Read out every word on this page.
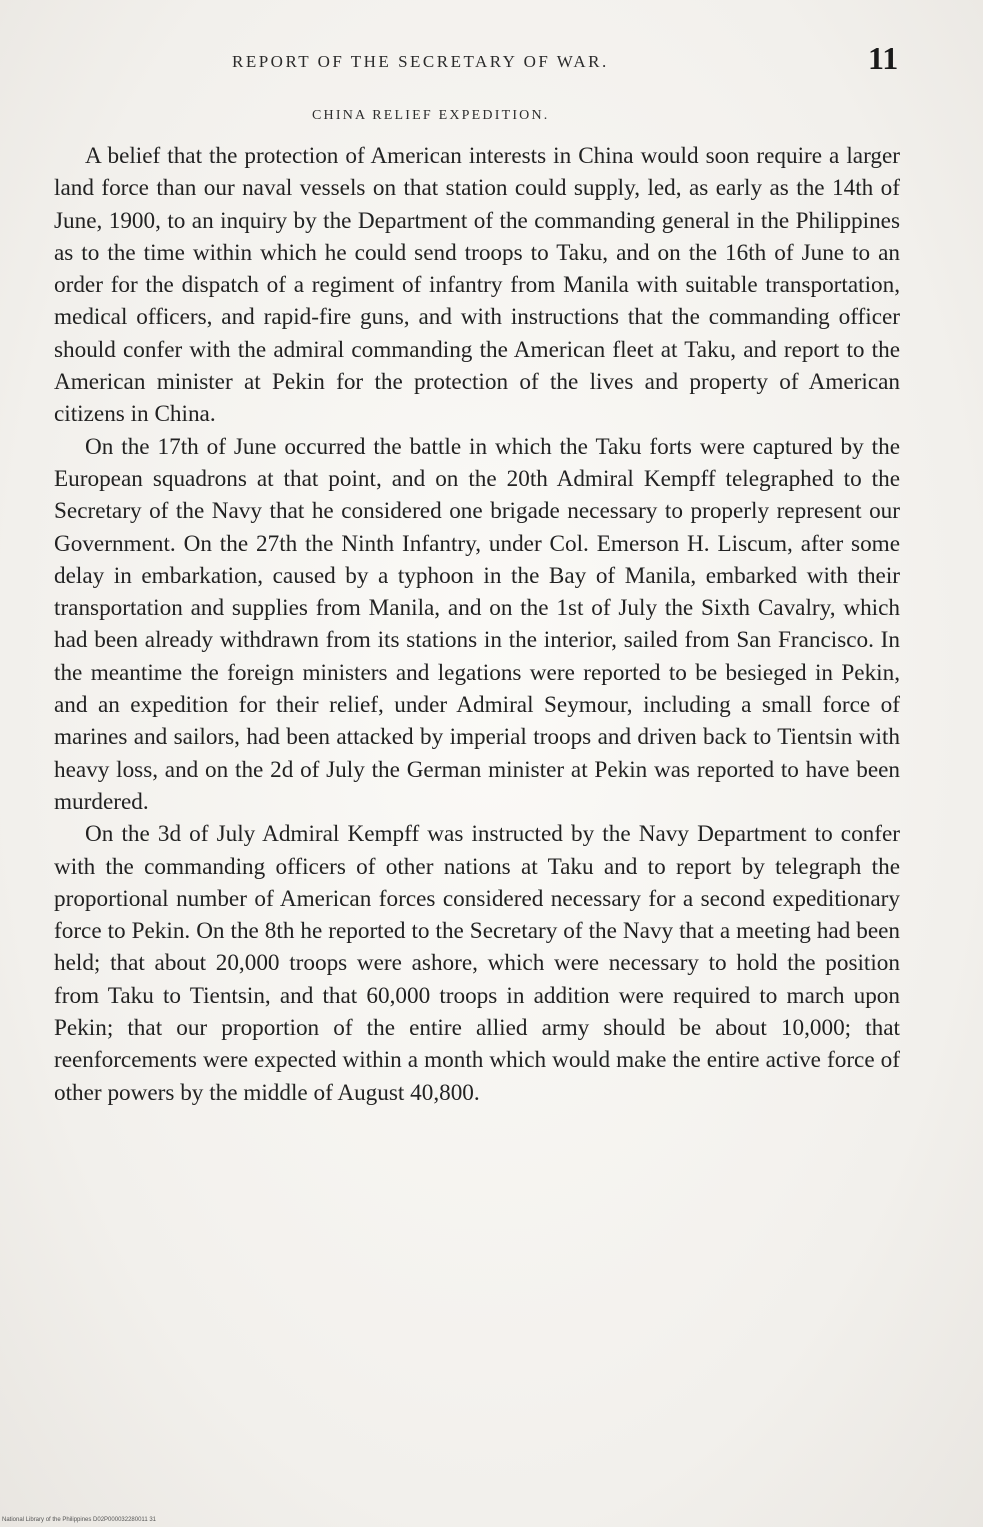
REPORT OF THE SECRETARY OF WAR.	11
CHINA RELIEF EXPEDITION.

A belief that the protection of American interests in China would soon require a larger land force than our naval vessels on that station could supply, led, as early as the 14th of June, 1900, to an inquiry by the Department of the commanding general in the Philippines as to the time within which he could send troops to Taku, and on the 16th of June to an order for the dispatch of a regiment of infantry from Manila with suitable transportation, medical officers, and rapid-fire guns, and with instructions that the commanding officer should confer with the admiral commanding the American fleet at Taku, and report to the American minister at Pekin for the protection of the lives and property of American citizens in China.

On the 17th of June occurred the battle in which the Taku forts were captured by the European squadrons at that point, and on the 20th Admiral Kempff telegraphed to the Secretary of the Navy that he considered one brigade necessary to properly represent our Government. On the 27th the Ninth Infantry, under Col. Emerson H. Liscum, after some delay in embarkation, caused by a typhoon in the Bay of Manila, embarked with their transportation and supplies from Manila, and on the 1st of July the Sixth Cavalry, which had been already withdrawn from its stations in the interior, sailed from San Francisco. In the meantime the foreign ministers and legations were reported to be besieged in Pekin, and an expedition for their relief, under Admiral Seymour, including a small force of marines and sailors, had been attacked by imperial troops and driven back to Tientsin with heavy loss, and on the 2d of July the German minister at Pekin was reported to have been murdered.

On the 3d of July Admiral Kempff was instructed by the Navy Department to confer with the commanding officers of other nations at Taku and to report by telegraph the proportional number of American forces considered necessary for a second expeditionary force to Pekin. On the 8th he reported to the Secretary of the Navy that a meeting had been held; that about 20,000 troops were ashore, which were necessary to hold the position from Taku to Tientsin, and that 60,000 troops in addition were required to march upon Pekin; that our proportion of the entire allied army should be about 10,000; that reenforcements were expected within a month which would make the entire active force of other powers by the middle of August 40,800.

National Library of the Philippines D02P000032280011 31
